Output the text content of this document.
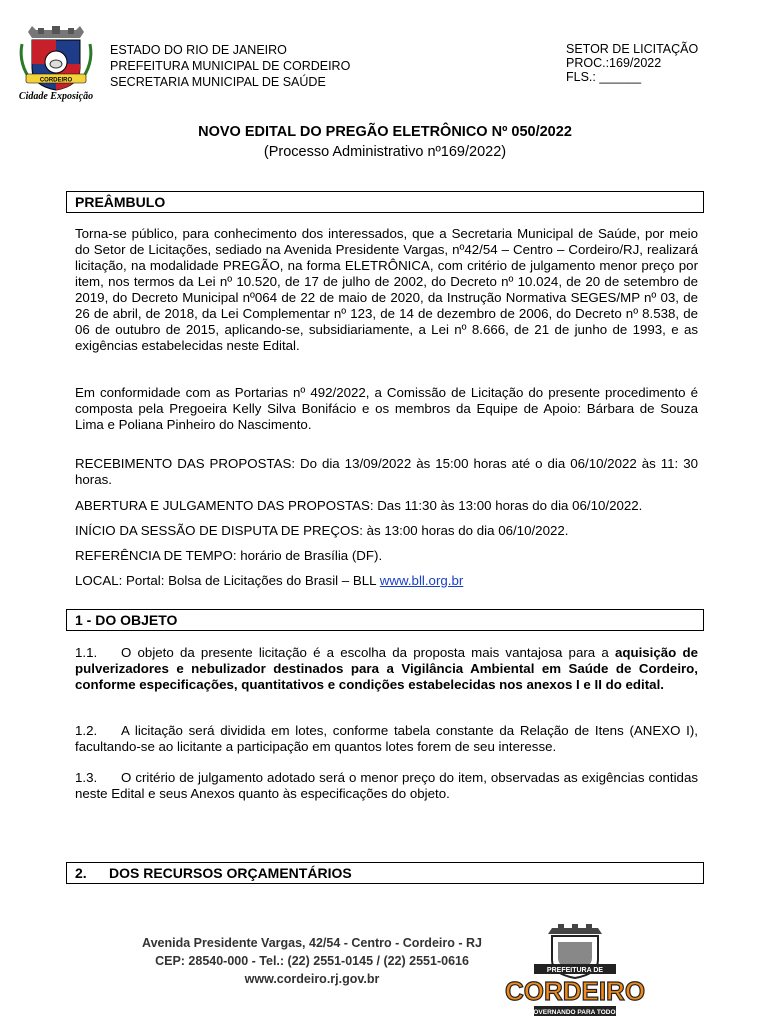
CORDEIRO
Cidade Exposição
ESTADO DO RIO DE JANEIRO
PREFEITURA MUNICIPAL DE CORDEIRO
SECRETARIA MUNICIPAL DE SAÚDE
SETOR DE LICITAÇÃO
PROC.:169/2022
FLS.: ______
NOVO EDITAL DO PREGÃO ELETRÔNICO Nº 050/2022
(Processo Administrativo nº169/2022)
PREÂMBULO
Torna-se público, para conhecimento dos interessados, que a Secretaria Municipal de Saúde, por meio do Setor de Licitações, sediado na Avenida Presidente Vargas, nº42/54 – Centro – Cordeiro/RJ, realizará licitação, na modalidade PREGÃO, na forma ELETRÔNICA, com critério de julgamento menor preço por item, nos termos da Lei nº 10.520, de 17 de julho de 2002, do Decreto nº 10.024, de 20 de setembro de 2019, do Decreto Municipal nº064 de 22 de maio de 2020, da Instrução Normativa SEGES/MP nº 03, de 26 de abril, de 2018, da Lei Complementar nº 123, de 14 de dezembro de 2006, do Decreto nº 8.538, de 06 de outubro de 2015, aplicando-se, subsidiariamente, a Lei nº 8.666, de 21 de junho de 1993, e as exigências estabelecidas neste Edital.
Em conformidade com as Portarias nº 492/2022, a Comissão de Licitação do presente procedimento é composta pela Pregoeira Kelly Silva Bonifácio e os membros da Equipe de Apoio: Bárbara de Souza Lima e Poliana Pinheiro do Nascimento.
RECEBIMENTO DAS PROPOSTAS: Do dia 13/09/2022 às 15:00 horas até o dia 06/10/2022 às 11: 30 horas.
ABERTURA E JULGAMENTO DAS PROPOSTAS: Das 11:30 às 13:00 horas do dia 06/10/2022.
INÍCIO DA SESSÃO DE DISPUTA DE PREÇOS: às 13:00 horas do dia 06/10/2022.
REFERÊNCIA DE TEMPO: horário de Brasília (DF).
LOCAL: Portal: Bolsa de Licitações do Brasil – BLL www.bll.org.br
1 - DO OBJETO
1.1. O objeto da presente licitação é a escolha da proposta mais vantajosa para a aquisição de pulverizadores e nebulizador destinados para a Vigilância Ambiental em Saúde de Cordeiro, conforme especificações, quantitativos e condições estabelecidas nos anexos I e II do edital.
1.2. A licitação será dividida em lotes, conforme tabela constante da Relação de Itens (ANEXO I), facultando-se ao licitante a participação em quantos lotes forem de seu interesse.
1.3. O critério de julgamento adotado será o menor preço do item, observadas as exigências contidas neste Edital e seus Anexos quanto às especificações do objeto.
2. DOS RECURSOS ORÇAMENTÁRIOS
Avenida Presidente Vargas, 42/54 - Centro - Cordeiro - RJ
CEP: 28540-000 - Tel.: (22) 2551-0145 / (22) 2551-0616
www.cordeiro.rj.gov.br
PREFEITURA DE
CORDEIRO
GOVERNANDO PARA TODOS.
